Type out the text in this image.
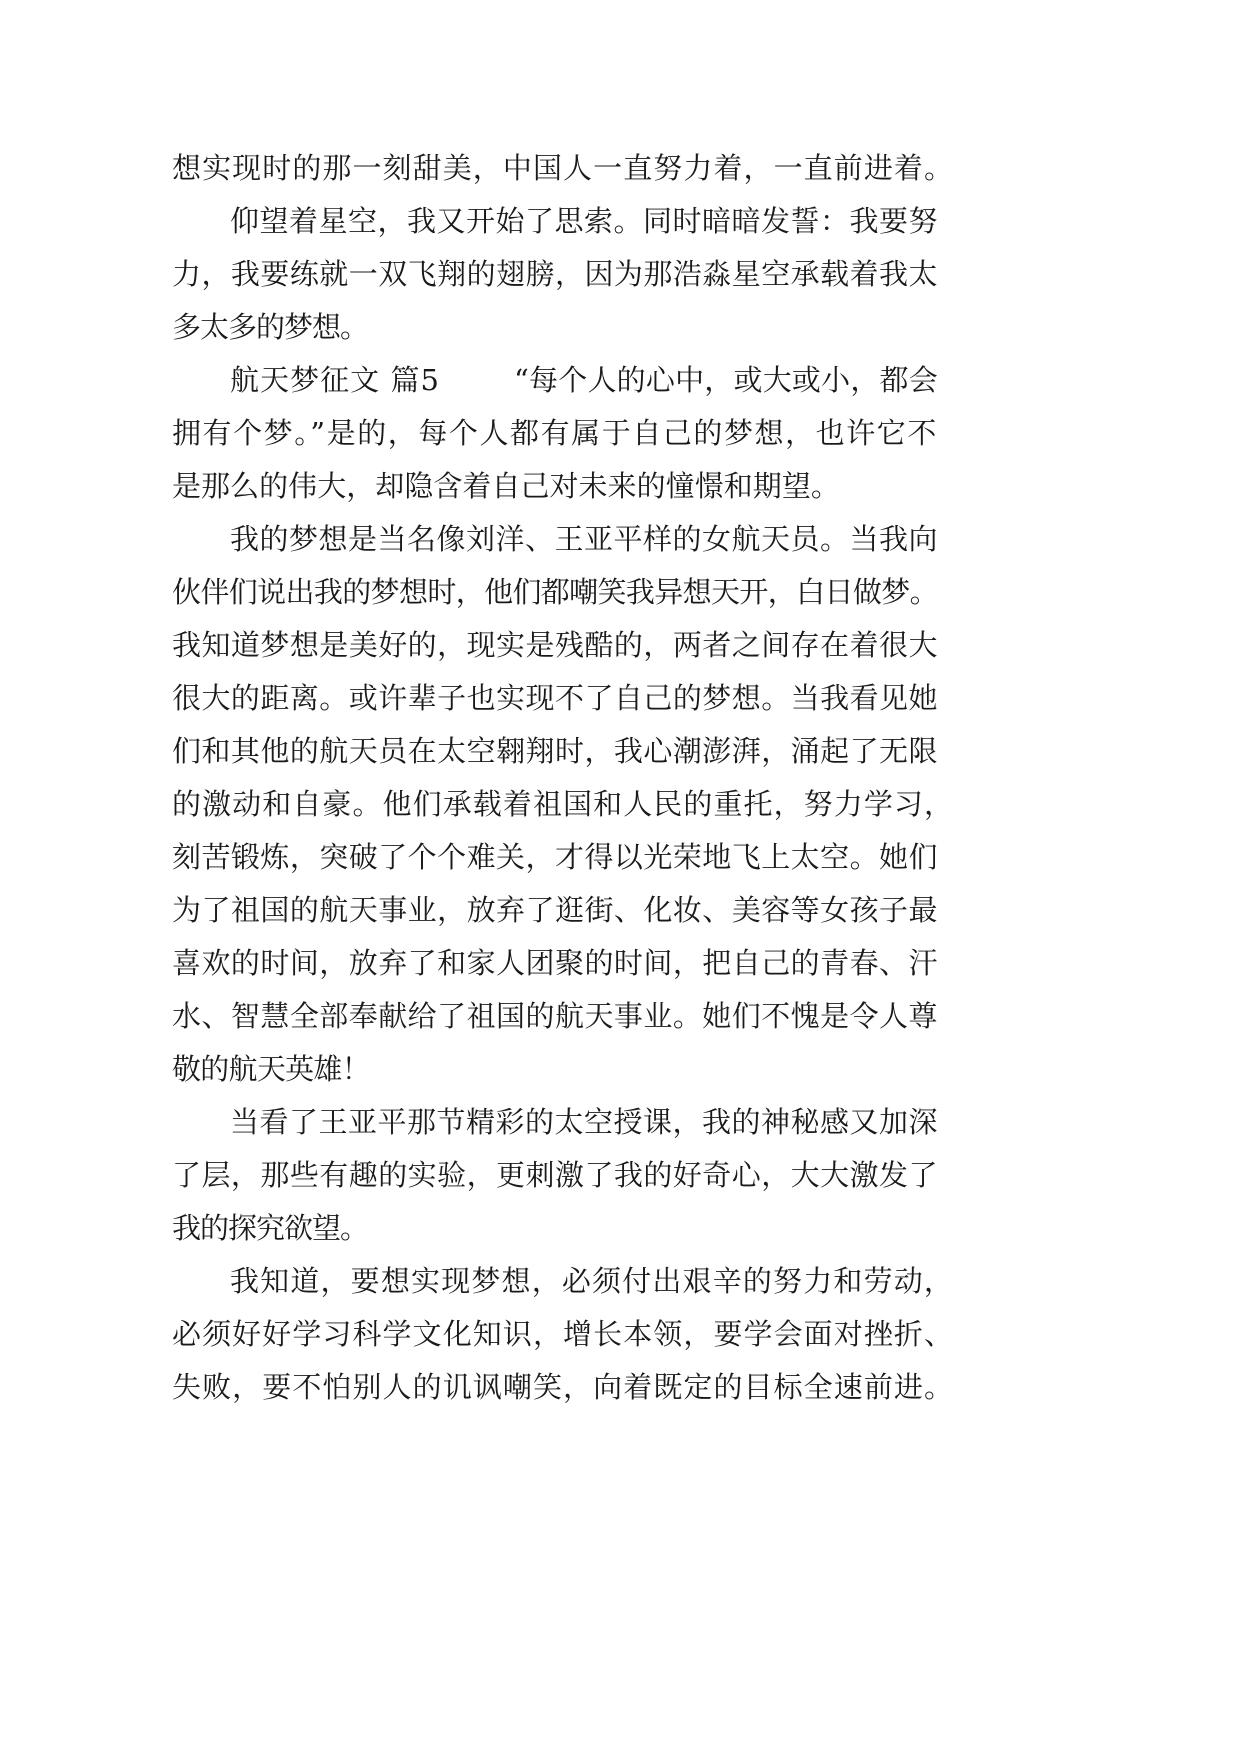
想实现时的那一刻甜美，中国人一直努力着，一直前进着。
仰望着星空，我又开始了思索。同时暗暗发誓：我要努
力，我要练就一双飞翔的翅膀，因为那浩淼星空承载着我太
多太多的梦想。
航天梦征文 篇5	“每个人的心中，或大或小，都会
拥有个梦。”是的，每个人都有属于自己的梦想，也许它不
是那么的伟大，却隐含着自己对未来的憧憬和期望。
我的梦想是当名像刘洋、王亚平样的女航天员。当我向
伙伴们说出我的梦想时，他们都嘲笑我异想天开，白日做梦。
我知道梦想是美好的，现实是残酷的，两者之间存在着很大
很大的距离。或许辈子也实现不了自己的梦想。当我看见她
们和其他的航天员在太空翱翔时，我心潮澎湃，涌起了无限
的激动和自豪。他们承载着祖国和人民的重托，努力学习，
刻苦锻炼，突破了个个难关，才得以光荣地飞上太空。她们
为了祖国的航天事业，放弃了逛街、化妆、美容等女孩子最
喜欢的时间，放弃了和家人团聚的时间，把自己的青春、汗
水、智慧全部奉献给了祖国的航天事业。她们不愧是令人尊
敬的航天英雄！
当看了王亚平那节精彩的太空授课，我的神秘感又加深
了层，那些有趣的实验，更刺激了我的好奇心，大大激发了
我的探究欲望。
我知道，要想实现梦想，必须付出艰辛的努力和劳动，
必须好好学习科学文化知识，增长本领，要学会面对挫折、
失败，要不怕别人的讥讽嘲笑，向着既定的目标全速前进。
